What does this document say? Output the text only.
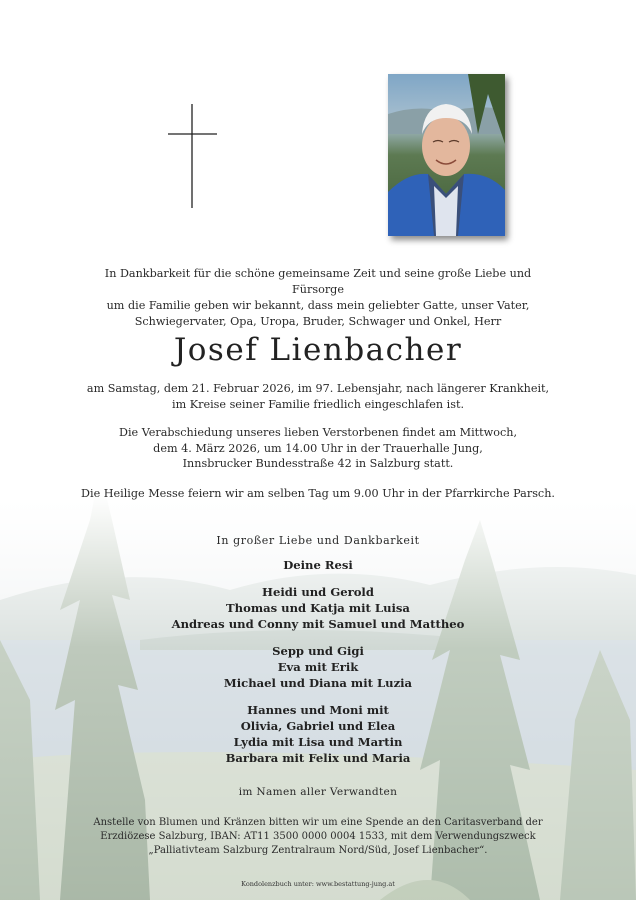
In Dankbarkeit für die schöne gemeinsame Zeit und seine große Liebe und Fürsorge
um die Familie geben wir bekannt, dass mein geliebter Gatte, unser Vater,
Schwiegervater, Opa, Uropa, Bruder, Schwager und Onkel, Herr
Josef Lienbacher
am Samstag, dem 21. Februar 2026, im 97. Lebensjahr, nach längerer Krankheit,
im Kreise seiner Familie friedlich eingeschlafen ist.
Die Verabschiedung unseres lieben Verstorbenen findet am Mittwoch,
dem 4. März 2026, um 14.00 Uhr in der Trauerhalle Jung,
Innsbrucker Bundesstraße 42 in Salzburg statt.
Die Heilige Messe feiern wir am selben Tag um 9.00 Uhr in der Pfarrkirche Parsch.
In großer Liebe und Dankbarkeit
Deine Resi
Heidi und Gerold
Thomas und Katja mit Luisa
Andreas und Conny mit Samuel und Mattheo
Sepp und Gigi
Eva mit Erik
Michael und Diana mit Luzia
Hannes und Moni mit
Olivia, Gabriel und Elea
Lydia mit Lisa und Martin
Barbara mit Felix und Maria
im Namen aller Verwandten
Anstelle von Blumen und Kränzen bitten wir um eine Spende an den Caritasverband der
Erzdiözese Salzburg, IBAN: AT11 3500 0000 0004 1533, mit dem Verwendungszweck
„Palliativteam Salzburg Zentralraum Nord/Süd, Josef Lienbacher“.
Kondolenzbuch unter: www.bestattung-jung.at
